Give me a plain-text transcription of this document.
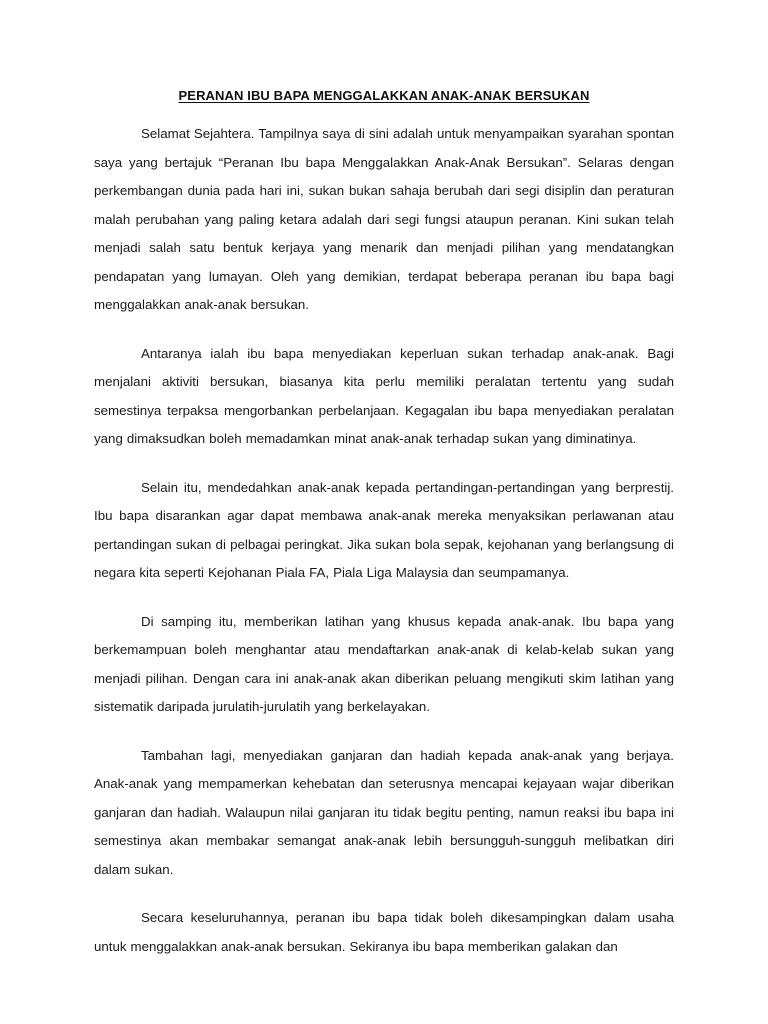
PERANAN IBU BAPA MENGGALAKKAN ANAK-ANAK BERSUKAN

Selamat Sejahtera. Tampilnya saya di sini adalah untuk menyampaikan syarahan spontan saya yang bertajuk “Peranan Ibu bapa Menggalakkan Anak-Anak Bersukan”. Selaras dengan perkembangan dunia pada hari ini, sukan bukan sahaja berubah dari segi disiplin dan peraturan malah perubahan yang paling ketara adalah dari segi fungsi ataupun peranan. Kini sukan telah menjadi salah satu bentuk kerjaya yang menarik dan menjadi pilihan yang mendatangkan pendapatan yang lumayan. Oleh yang demikian, terdapat beberapa peranan ibu bapa bagi menggalakkan anak-anak bersukan.

Antaranya ialah ibu bapa menyediakan keperluan sukan terhadap anak-anak. Bagi menjalani aktiviti bersukan, biasanya kita perlu memiliki peralatan tertentu yang sudah semestinya terpaksa mengorbankan perbelanjaan. Kegagalan ibu bapa menyediakan peralatan yang dimaksudkan boleh memadamkan minat anak-anak terhadap sukan yang diminatinya.

Selain itu, mendedahkan anak-anak kepada pertandingan-pertandingan yang berprestij. Ibu bapa disarankan agar dapat membawa anak-anak mereka menyaksikan perlawanan atau pertandingan sukan di pelbagai peringkat. Jika sukan bola sepak, kejohanan yang berlangsung di negara kita seperti Kejohanan Piala FA, Piala Liga Malaysia dan seumpamanya.

Di samping itu, memberikan latihan yang khusus kepada anak-anak. Ibu bapa yang berkemampuan boleh menghantar atau mendaftarkan anak-anak di kelab-kelab sukan yang menjadi pilihan. Dengan cara ini anak-anak akan diberikan peluang mengikuti skim latihan yang sistematik daripada jurulatih-jurulatih yang berkelayakan.

Tambahan lagi, menyediakan ganjaran dan hadiah kepada anak-anak yang berjaya. Anak-anak yang mempamerkan kehebatan dan seterusnya mencapai kejayaan wajar diberikan ganjaran dan hadiah. Walaupun nilai ganjaran itu tidak begitu penting, namun reaksi ibu bapa ini semestinya akan membakar semangat anak-anak lebih bersungguh-sungguh melibatkan diri dalam sukan.

Secara keseluruhannya, peranan ibu bapa tidak boleh dikesampingkan dalam usaha untuk menggalakkan anak-anak bersukan. Sekiranya ibu bapa memberikan galakan dan
